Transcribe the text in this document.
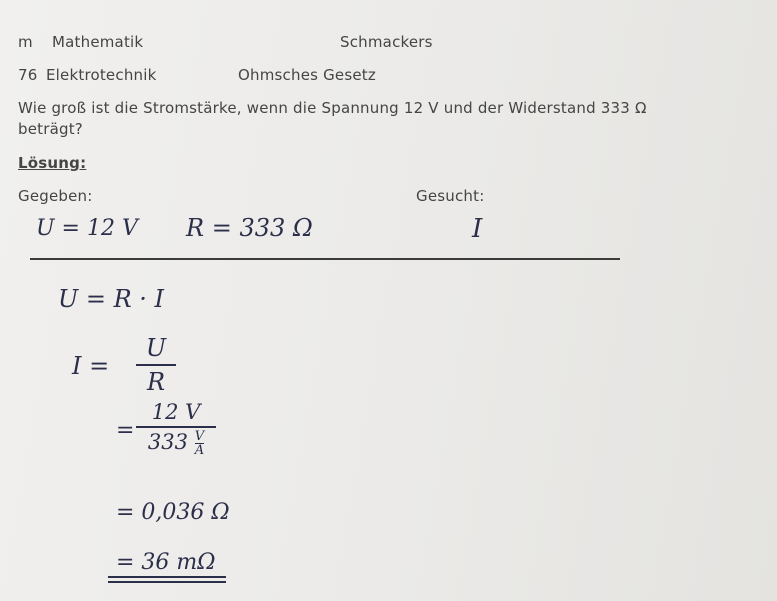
m Mathematik	Schmackers
76 Elektrotechnik	Ohmsches Gesetz
Wie groß ist die Stromstärke, wenn die Spannung 12 V und der Widerstand 333 Ω
beträgt?
Lösung:
Gegeben:	Gesucht:
U = 12 V R = 333 Ω	I
U = R · I
I =
U
R
=
12 V
$333 \frac{V}{A}$
= 0,036 Ω
= 36 mΩ
